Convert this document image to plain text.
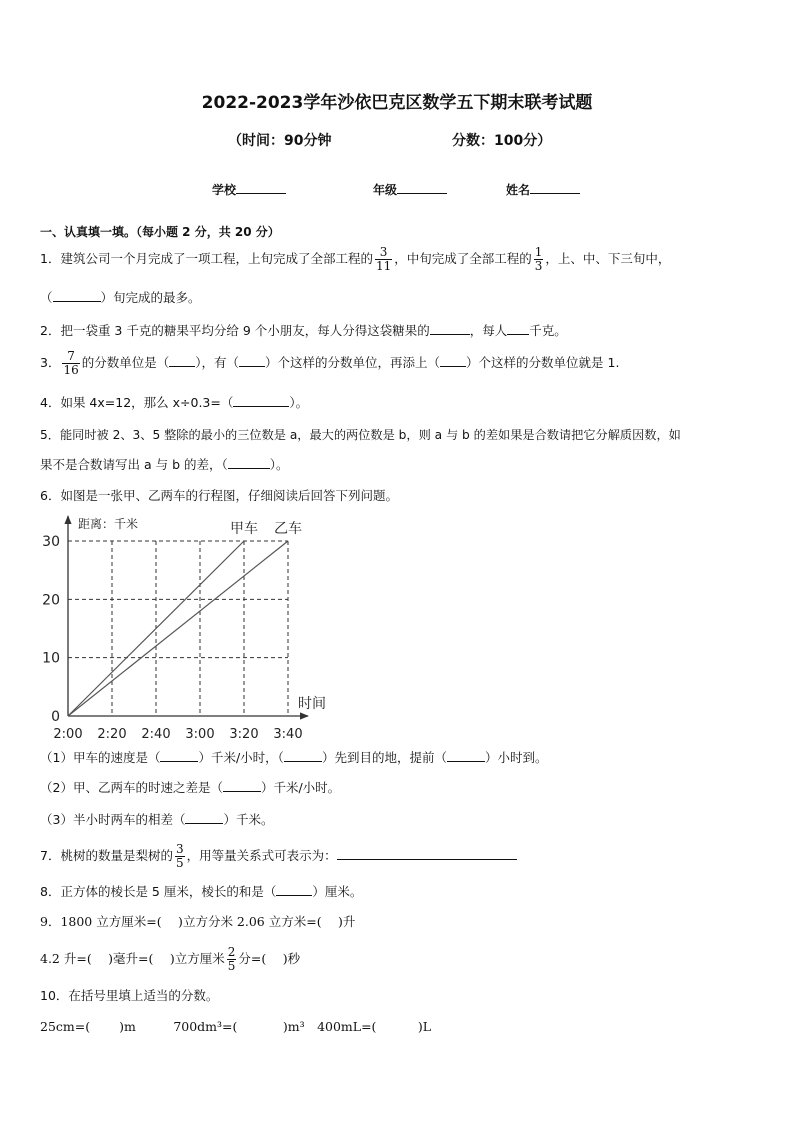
2022-2023学年沙依巴克区数学五下期末联考试题
（时间：90分钟	分数：100分）
学校	年级	姓名
一、认真填一填。（每小题 2 分，共 20 分）
1．建筑公司一个月完成了一项工程，上旬完成了全部工程的 $\frac{3}{11}$ ，中旬完成了全部工程的 $\frac{1}{3}$ ，上、中、下三旬中，
（	）旬完成的最多。
2．把一袋重 3 千克的糖果平均分给 9 个小朋友，每人分得这袋糖果的	，每人 千克。
3． $\frac{7}{16}$ 的分数单位是（ ），有（ ）个这样的分数单位，再添上（ ）个这样的分数单位就是 1.
4．如果 4x=12，那么 x÷0.3=（	）。
5．能同时被 2、3、5 整除的最小的三位数是 a，最大的两位数是 b，则 a 与 b 的差如果是合数请把它分解质因数，如
果不是合数请写出 a 与 b 的差，（	）。
6．如图是一张甲、乙两车的行程图，仔细阅读后回答下列问题。
0
10
20
30
2:00 2:20 2:40 3:00 3:20 3:40
甲车 乙车
距离：千米
时间
（1）甲车的速度是（	）千米/小时，（	）先到目的地，提前（	）小时到。
（2）甲、乙两车的时速之差是（	）千米/小时。
（3）半小时两车的相差（	）千米。
7．桃树的数量是梨树的 $\frac{3}{5}$ ，用等量关系式可表示为：
8．正方体的棱长是 5 厘米，棱长的和是（	）厘米。
9．1800 立方厘米=(　 )立方分米 2.06 立方米=(　 )升
4.2 升=(　 )毫升=(　 )立方厘米 $\frac{2}{5}$ 分=(　 )秒
10．在括号里填上适当的分数。
25cm=(　 　)m　　　700dm³=(　 　 　)m³　400mL=(　　 　)L
